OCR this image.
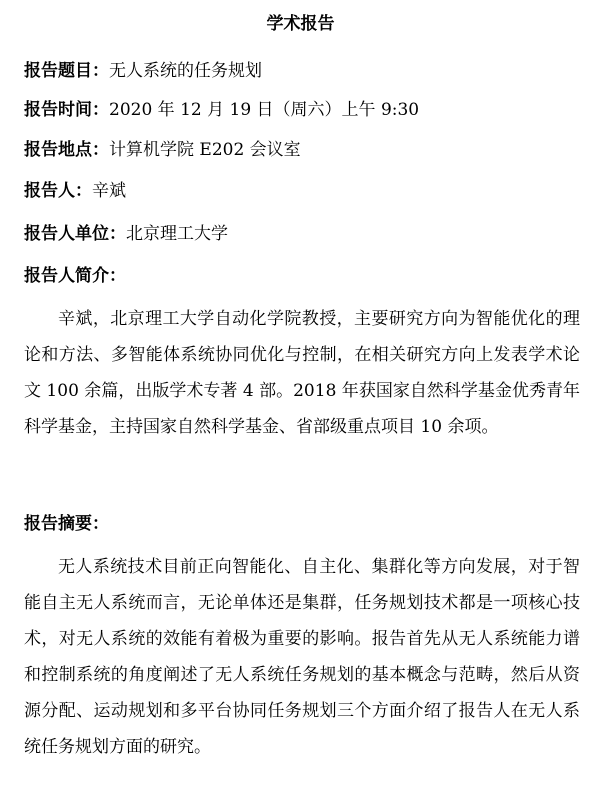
学术报告
报告题目：无人系统的任务规划
报告时间：2020 年 12 月 19 日（周六）上午 9:30
报告地点：计算机学院 E202 会议室
报告人：辛斌
报告人单位：北京理工大学
报告人简介：
辛斌，北京理工大学自动化学院教授，主要研究方向为智能优化的理论和方法、多智能体系统协同优化与控制，在相关研究方向上发表学术论文 100 余篇，出版学术专著 4 部。2018 年获国家自然科学基金优秀青年科学基金，主持国家自然科学基金、省部级重点项目 10 余项。
报告摘要：
无人系统技术目前正向智能化、自主化、集群化等方向发展，对于智能自主无人系统而言，无论单体还是集群，任务规划技术都是一项核心技术，对无人系统的效能有着极为重要的影响。报告首先从无人系统能力谱和控制系统的角度阐述了无人系统任务规划的基本概念与范畴，然后从资源分配、运动规划和多平台协同任务规划三个方面介绍了报告人在无人系统任务规划方面的研究。
